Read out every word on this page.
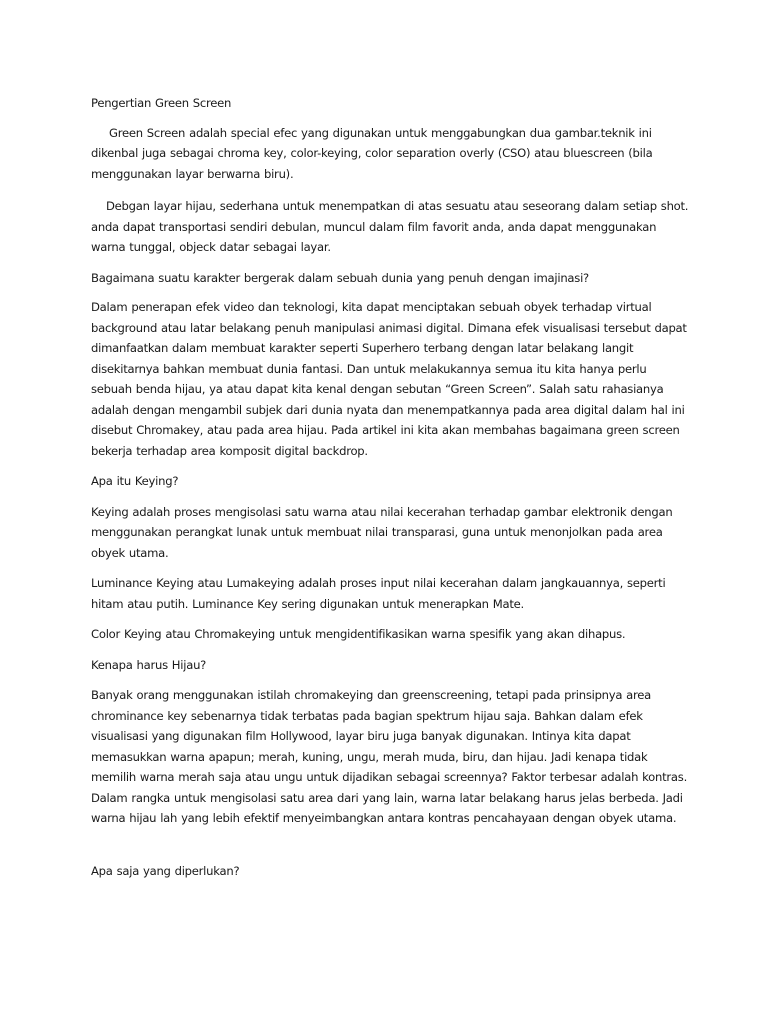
Pengertian Green Screen

Green Screen adalah special efec yang digunakan untuk menggabungkan dua gambar.teknik ini dikenbal juga sebagai chroma key, color-keying, color separation overly (CSO) atau bluescreen (bila menggunakan layar berwarna biru).

Debgan layar hijau, sederhana untuk menempatkan di atas sesuatu atau seseorang dalam setiap shot. anda dapat transportasi sendiri debulan, muncul dalam film favorit anda, anda dapat menggunakan warna tunggal, objeck datar sebagai layar.

Bagaimana suatu karakter bergerak dalam sebuah dunia yang penuh dengan imajinasi?

Dalam penerapan efek video dan teknologi, kita dapat menciptakan sebuah obyek terhadap virtual background atau latar belakang penuh manipulasi animasi digital. Dimana efek visualisasi tersebut dapat dimanfaatkan dalam membuat karakter seperti Superhero terbang dengan latar belakang langit disekitarnya bahkan membuat dunia fantasi. Dan untuk melakukannya semua itu kita hanya perlu sebuah benda hijau, ya atau dapat kita kenal dengan sebutan “Green Screen”. Salah satu rahasianya adalah dengan mengambil subjek dari dunia nyata dan menempatkannya pada area digital dalam hal ini disebut Chromakey, atau pada area hijau. Pada artikel ini kita akan membahas bagaimana green screen bekerja terhadap area komposit digital backdrop.

Apa itu Keying?

Keying adalah proses mengisolasi satu warna atau nilai kecerahan terhadap gambar elektronik dengan menggunakan perangkat lunak untuk membuat nilai transparasi, guna untuk menonjolkan pada area obyek utama.

Luminance Keying atau Lumakeying adalah proses input nilai kecerahan dalam jangkauannya, seperti hitam atau putih. Luminance Key sering digunakan untuk menerapkan Mate.

Color Keying atau Chromakeying untuk mengidentifikasikan warna spesifik yang akan dihapus.

Kenapa harus Hijau?

Banyak orang menggunakan istilah chromakeying dan greenscreening, tetapi pada prinsipnya area chrominance key sebenarnya tidak terbatas pada bagian spektrum hijau saja. Bahkan dalam efek visualisasi yang digunakan film Hollywood, layar biru juga banyak digunakan. Intinya kita dapat memasukkan warna apapun; merah, kuning, ungu, merah muda, biru, dan hijau. Jadi kenapa tidak memilih warna merah saja atau ungu untuk dijadikan sebagai screennya? Faktor terbesar adalah kontras. Dalam rangka untuk mengisolasi satu area dari yang lain, warna latar belakang harus jelas berbeda. Jadi warna hijau lah yang lebih efektif menyeimbangkan antara kontras pencahayaan dengan obyek utama.

Apa saja yang diperlukan?
